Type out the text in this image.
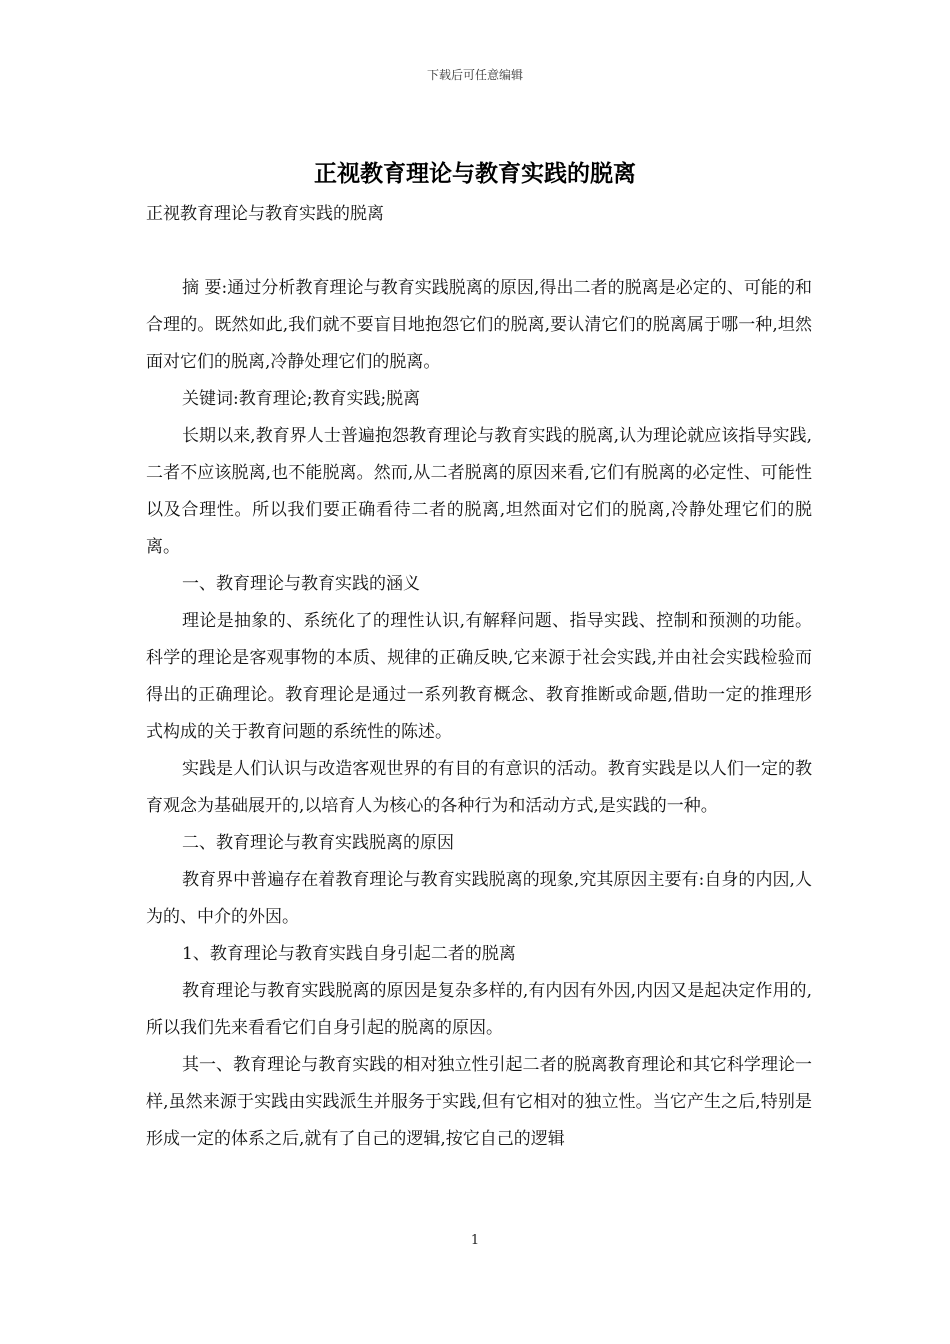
下载后可任意编辑
正视教育理论与教育实践的脱离

正视教育理论与教育实践的脱离

摘 要:通过分析教育理论与教育实践脱离的原因,得出二者的脱离是必定的、可能的和合理的。既然如此,我们就不要盲目地抱怨它们的脱离,要认清它们的脱离属于哪一种,坦然面对它们的脱离,冷静处理它们的脱离。

关键词:教育理论;教育实践;脱离

长期以来,教育界人士普遍抱怨教育理论与教育实践的脱离,认为理论就应该指导实践,二者不应该脱离,也不能脱离。然而,从二者脱离的原因来看,它们有脱离的必定性、可能性以及合理性。所以我们要正确看待二者的脱离,坦然面对它们的脱离,冷静处理它们的脱离。

一、教育理论与教育实践的涵义

理论是抽象的、系统化了的理性认识,有解释问题、指导实践、控制和预测的功能。科学的理论是客观事物的本质、规律的正确反映,它来源于社会实践,并由社会实践检验而得出的正确理论。教育理论是通过一系列教育概念、教育推断或命题,借助一定的推理形式构成的关于教育问题的系统性的陈述。

实践是人们认识与改造客观世界的有目的有意识的活动。教育实践是以人们一定的教育观念为基础展开的,以培育人为核心的各种行为和活动方式,是实践的一种。

二、教育理论与教育实践脱离的原因

教育界中普遍存在着教育理论与教育实践脱离的现象,究其原因主要有:自身的内因,人为的、中介的外因。

1、教育理论与教育实践自身引起二者的脱离

教育理论与教育实践脱离的原因是复杂多样的,有内因有外因,内因又是起决定作用的,所以我们先来看看它们自身引起的脱离的原因。

其一、教育理论与教育实践的相对独立性引起二者的脱离教育理论和其它科学理论一样,虽然来源于实践由实践派生并服务于实践,但有它相对的独立性。当它产生之后,特别是形成一定的体系之后,就有了自己的逻辑,按它自己的逻辑

1
